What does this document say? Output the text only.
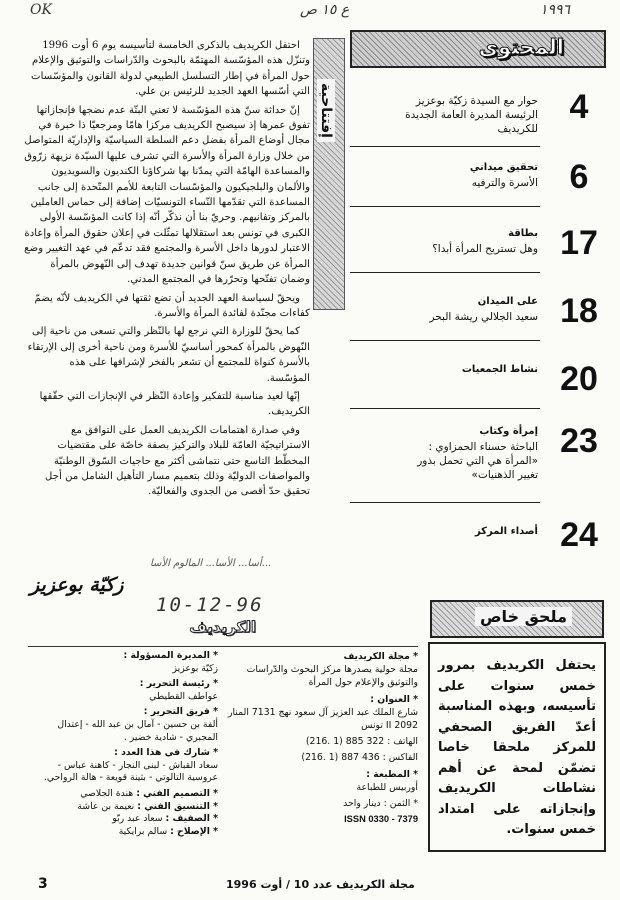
OK	ع ١٥ ص	١٩٩٦

احتفل الكريديف بالذكرى الخامسة لتأسيسه يوم 6 أوت 1996 وتنزّل هذه المؤسّسة المهتمّة بالبحوث والدّراسات والتوثيق والإعلام حول المرأة في إطار التسلسل الطبيعي لدولة القانون والمؤسّسات التي أسّسها العهد الجديد للرئيس بن علي.

إنّ حداثة سنّ هذه المؤسّسة لا تعني البتّة عدم نضجها فإنجازاتها تفوق عمرها إذ سيصبح الكريديف مركزا هامّا ومرجعيّا ذا خبرة في مجال أوضاع المرأة بفضل دعم السلطة السياسيّة والإداريّة المتواصل من خلال وزارة المرأة والأسرة التي تشرف عليها السيّدة نزيهة زرّوق والمساعدة الهامّة التي يمدّنا بها شركاؤنا الكنديون والسويديون والألمان والبلجيكيون والمؤسّسات التابعة للأمم المتّحدة إلى جانب المساعدة التي تقدّمها النّساء التونسيّات إضافة إلى حماس العاملين بالمركز وتفانيهم. وحريّ بنا أن نذكّر أنّه إذا كانت المؤسّسة الأولى الكبرى في تونس بعد استقلالها تمثّلت في إعلان حقوق المرأة وإعادة الاعتبار لدورها داخل الأسرة والمجتمع فقد تدعّم في عهد التغيير وضع المرأة عن طريق سنّ قوانين جديدة تهدف إلى النّهوض بالمرأة وضمان تفتّحها وتحرّرها في المجتمع المدني.

ويحقّ لسياسة العهد الجديد أن تضع ثقتها في الكريديف لأنّه يضمّ كفاءات مجنّدة لفائدة المرأة والأسرة.

كما يحقّ للوزارة التي نرجع لها بالنّظر والتي تسعى من ناحية إلى النّهوض بالمرأة كمحور أساسيّ للأسرة ومن ناحية أخرى إلى الإرتقاء بالأسرة كنواة للمجتمع أن تشعر بالفخر لإشرافها على هذه المؤسّسة.

إنّها لعيد مناسبة للتفكير وإعادة النّظر في الإنجازات التي حقّقها الكريديف.

وفي صدارة اهتمامات الكريديف العمل على التوافق مع الاستراتيجيّة العامّة للبلاد والتركيز بصفة خاصّة على مقتضيات المخطّط التاسع حتى نتماشى أكثر مع حاجيات السّوق الوطنيّة والمواصفات الدوليّة وذلك بتعميم مسار التأهيل الشامل من أجل تحقيق حدّ أقصى من الجدوى والفعاليّة.

إفتتاحية
أسا... الأسا... المالوم الأسا...
زكيّة بوعزيز
10-12-96
المحتوى
4
حوار مع السيدة زكيّة بوعزيز
الرئيسة المديرة العامة الجديدة
للكريديف
6
تحقيق ميداني
الأسرة والترفيه
17
بطاقة
وهل تستريح المرأة أبدا؟
18
على الميدان
سعيد الجلالي ريشة البحر
20
نشاط الجمعيات
23
إمرأة وكتاب
الباحثة حسناء الحمزاوي :
«المرأة هي التي تحمل بذور
تغيير الذهنيات»
24
أصداء المركز
ملحق خاص
يحتفل الكريديف بمرور خمس سنوات على تأسيسه، وبهذه المناسبة أعدّ الفريق الصحفي للمركز ملحقا خاصا تضمّن لمحة عن أهم نشاطات الكريديف وإنجازاته على امتداد خمس سنوات.
الكريديف
* مجلة الكريديف
مجلة حولية يصدرها مركز البحوث والدّراسات والتوثيق والإعلام حول المرأة
* العنوان :
شارع الملك عبد العزيز آل سعود نهج 7131 المنار II 2092 تونس
الهاتف : 322 885 (1 .216)
الفاكس : 436 887 (1 .216)
* المطبعة :
أوربيس للطباعة
* الثمن : دينار واحد
ISSN 0330 - 7379
* المديرة المسؤولة :
زكيّة بوعزيز
* رئيسة التحرير :
عواطف القطيطي
* فريق التحرير :
ألفة بن حسين - آمال بن عبد الله - إعتدال المجبري - شادية خضير .
* شارك في هذا العدد :
سعاد القباش - لبنى النجار - كاهنة عباس - عروسية التالوتي - بثينة قويعة - هالة الرواحي.
* التصميم الفني : هندة الجلاصي
* التنسيق الفني : نعيمة بن عاشة
* الصفيف : سعاد عبد ربّو
* الإصلاح : سالم برايكية
3	مجلة الكريديف عدد 10 / أوت 1996
